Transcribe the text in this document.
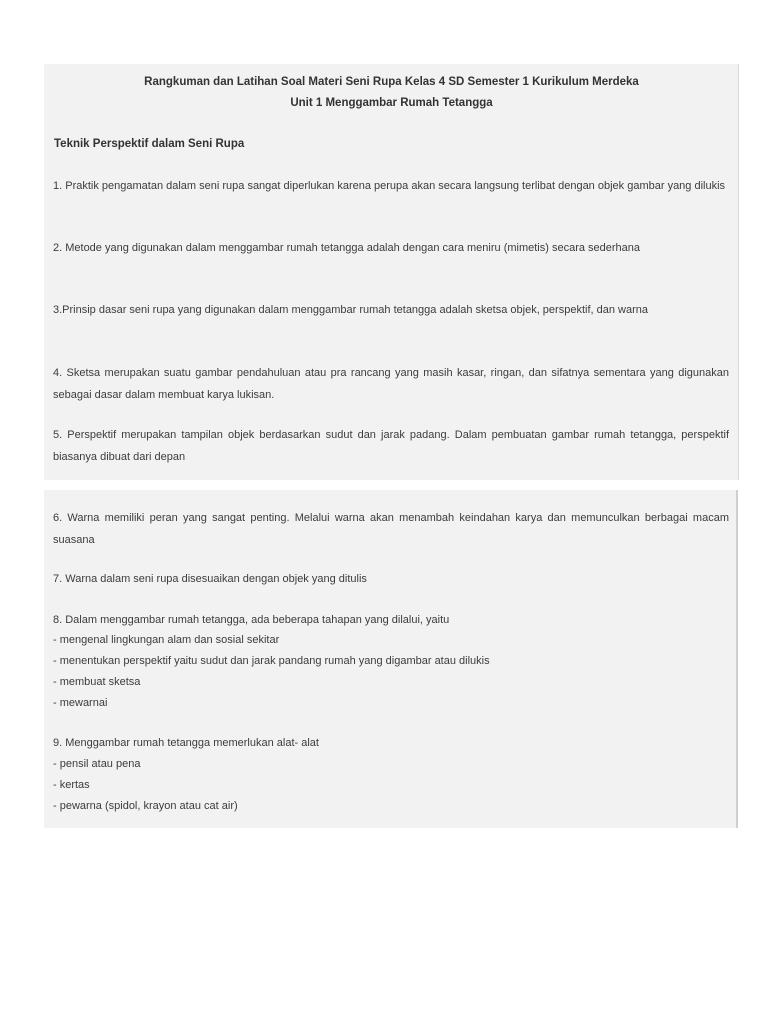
Rangkuman dan Latihan Soal Materi Seni Rupa Kelas 4 SD Semester 1 Kurikulum Merdeka
Unit 1 Menggambar Rumah Tetangga
Teknik Perspektif dalam Seni Rupa

1. Praktik pengamatan dalam seni rupa sangat diperlukan karena perupa akan secara langsung terlibat dengan objek gambar yang dilukis

2. Metode yang digunakan dalam menggambar rumah tetangga adalah dengan cara meniru (mimetis) secara sederhana

3.Prinsip dasar seni rupa yang digunakan dalam menggambar rumah tetangga adalah sketsa objek, perspektif, dan warna

4. Sketsa merupakan suatu gambar pendahuluan atau pra rancang yang masih kasar, ringan, dan sifatnya sementara yang digunakan sebagai dasar dalam membuat karya lukisan.

5. Perspektif merupakan tampilan objek berdasarkan sudut dan jarak padang. Dalam pembuatan gambar rumah tetangga, perspektif biasanya dibuat dari depan

6. Warna memiliki peran yang sangat penting. Melalui warna akan menambah keindahan karya dan memunculkan berbagai macam suasana

7. Warna dalam seni rupa disesuaikan dengan objek yang ditulis

8. Dalam menggambar rumah tetangga, ada beberapa tahapan yang dilalui, yaitu
- mengenal lingkungan alam dan sosial sekitar
- menentukan perspektif yaitu sudut dan jarak pandang rumah yang digambar atau dilukis
- membuat sketsa
- mewarnai
9. Menggambar rumah tetangga memerlukan alat- alat
- pensil atau pena
- kertas
- pewarna (spidol, krayon atau cat air)
